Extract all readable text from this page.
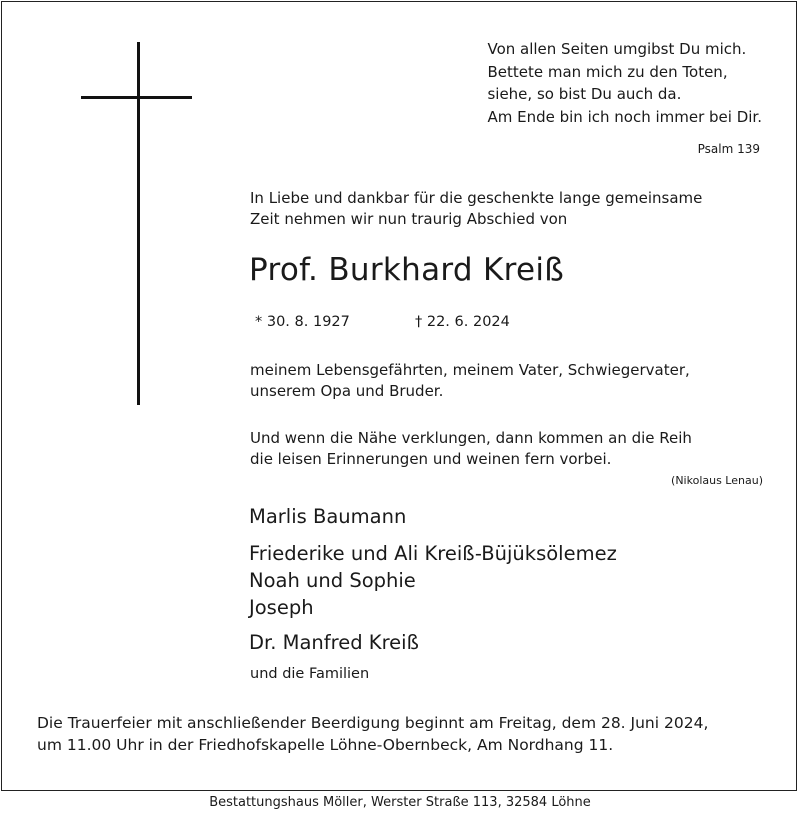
Von allen Seiten umgibst Du mich.
Bettete man mich zu den Toten,
siehe, so bist Du auch da.
Am Ende bin ich noch immer bei Dir.
Psalm 139
In Liebe und dankbar für die geschenkte lange gemeinsame
Zeit nehmen wir nun traurig Abschied von
Prof. Burkhard Kreiß
* 30. 8. 1927	† 22. 6. 2024
meinem Lebensgefährten, meinem Vater, Schwiegervater,
unserem Opa und Bruder.
Und wenn die Nähe verklungen, dann kommen an die Reih
die leisen Erinnerungen und weinen fern vorbei.
(Nikolaus Lenau)
Marlis Baumann
Friederike und Ali Kreiß-Büjüksölemez
Noah und Sophie
Joseph
Dr. Manfred Kreiß
und die Familien
Die Trauerfeier mit anschließender Beerdigung beginnt am Freitag, dem 28. Juni 2024,
um 11.00 Uhr in der Friedhofskapelle Löhne-Obernbeck, Am Nordhang 11.
Bestattungshaus Möller, Werster Straße 113, 32584 Löhne
